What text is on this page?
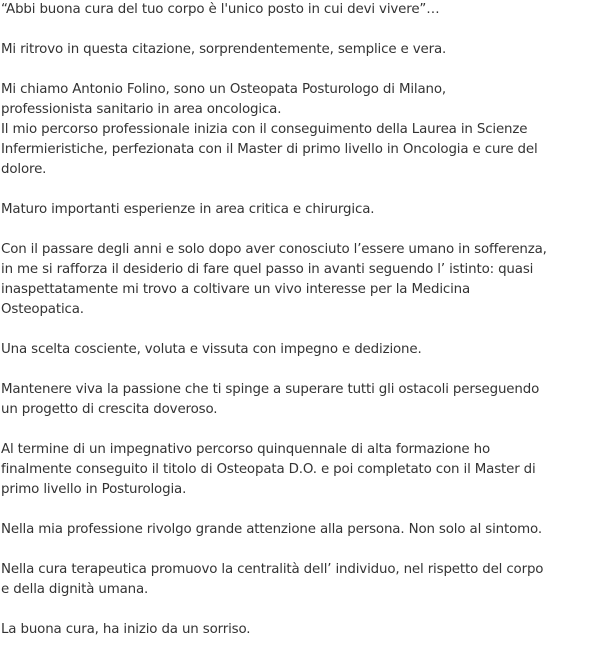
“Abbi buona cura del tuo corpo è l'unico posto in cui devi vivere”…

Mi ritrovo in questa citazione, sorprendentemente, semplice e vera.

Mi chiamo Antonio Folino, sono un Osteopata Posturologo di Milano,
professionista sanitario in area oncologica.
Il mio percorso professionale inizia con il conseguimento della Laurea in Scienze
Infermieristiche, perfezionata con il Master di primo livello in Oncologia e cure del
dolore.

Maturo importanti esperienze in area critica e chirurgica.

Con il passare degli anni e solo dopo aver conosciuto l’essere umano in sofferenza,
in me si rafforza il desiderio di fare quel passo in avanti seguendo l’ istinto: quasi
inaspettatamente mi trovo a coltivare un vivo interesse per la Medicina
Osteopatica.

Una scelta cosciente, voluta e vissuta con impegno e dedizione.

Mantenere viva la passione che ti spinge a superare tutti gli ostacoli perseguendo
un progetto di crescita doveroso.

Al termine di un impegnativo percorso quinquennale di alta formazione ho
finalmente conseguito il titolo di Osteopata D.O. e poi completato con il Master di
primo livello in Posturologia.

Nella mia professione rivolgo grande attenzione alla persona. Non solo al sintomo.

Nella cura terapeutica promuovo la centralità dell’ individuo, nel rispetto del corpo
e della dignità umana.

La buona cura, ha inizio da un sorriso.
